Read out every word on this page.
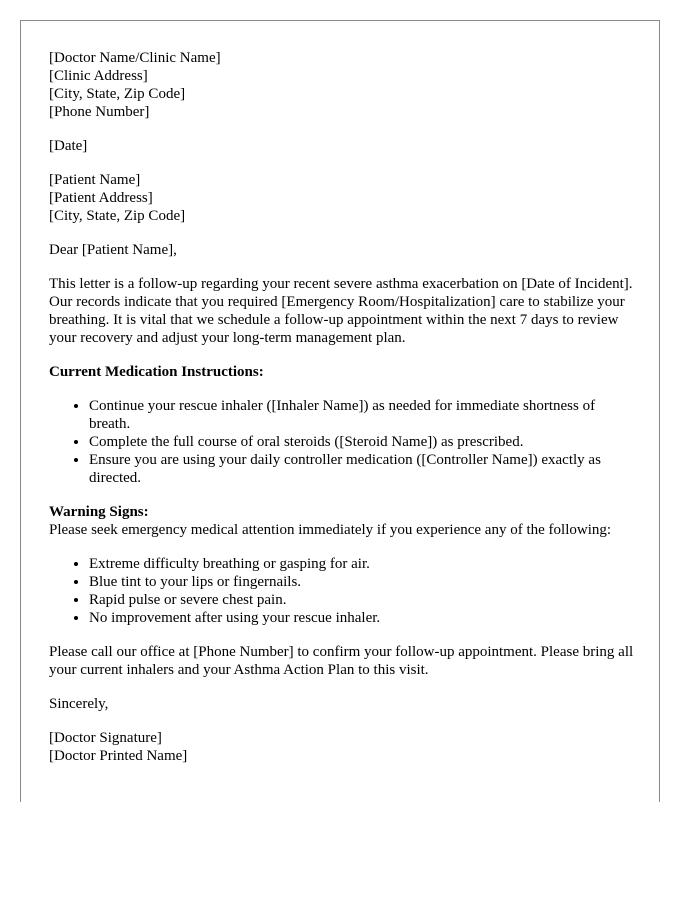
[Doctor Name/Clinic Name]
[Clinic Address]
[City, State, Zip Code]
[Phone Number]
[Date]
[Patient Name]
[Patient Address]
[City, State, Zip Code]

Dear [Patient Name],

This letter is a follow-up regarding your recent severe asthma exacerbation on [Date of Incident]. Our records indicate that you required [Emergency Room/Hospitalization] care to stabilize your breathing. It is vital that we schedule a follow-up appointment within the next 7 days to review your recovery and adjust your long-term management plan.

Current Medication Instructions:
• Continue your rescue inhaler ([Inhaler Name]) as needed for immediate shortness of breath.
• Complete the full course of oral steroids ([Steroid Name]) as prescribed.
• Ensure you are using your daily controller medication ([Controller Name]) exactly as directed.
Warning Signs:
Please seek emergency medical attention immediately if you experience any of the following:
• Extreme difficulty breathing or gasping for air.
• Blue tint to your lips or fingernails.
• Rapid pulse or severe chest pain.
• No improvement after using your rescue inhaler.

Please call our office at [Phone Number] to confirm your follow-up appointment. Please bring all your current inhalers and your Asthma Action Plan to this visit.

Sincerely,

[Doctor Signature]
[Doctor Printed Name]
